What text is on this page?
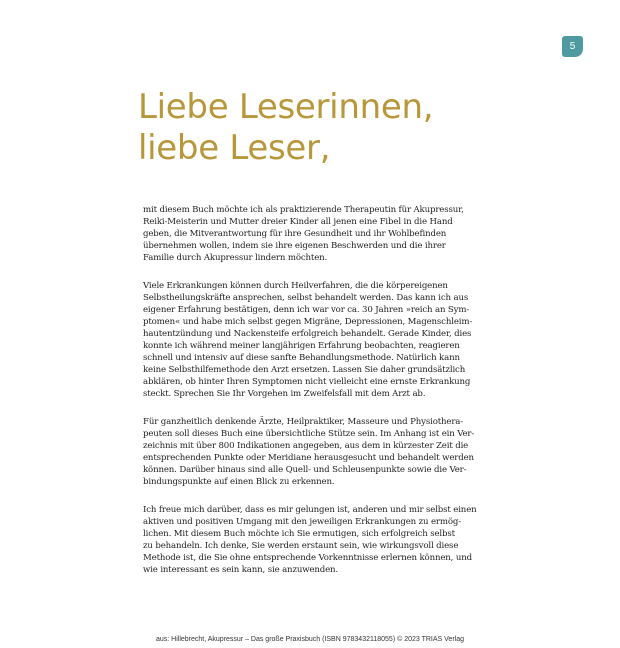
5
Liebe Leserinnen,
liebe Leser,

mit diesem Buch möchte ich als praktizierende Therapeutin für Akupressur,
Reiki-Meisterin und Mutter dreier Kinder all jenen eine Fibel in die Hand
geben, die Mitverantwortung für ihre Gesundheit und ihr Wohlbefinden
übernehmen wollen, indem sie ihre eigenen Beschwerden und die ihrer
Familie durch Akupressur lindern möchten.

Viele Erkrankungen können durch Heilverfahren, die die körpereigenen
Selbstheilungskräfte ansprechen, selbst behandelt werden. Das kann ich aus
eigener Erfahrung bestätigen, denn ich war vor ca. 30 Jahren »reich an Sym-
ptomen« und habe mich selbst gegen Migräne, Depressionen, Magenschleim-
hautentzündung und Nackensteife erfolgreich behandelt. Gerade Kinder, dies
konnte ich während meiner langjährigen Erfahrung beobachten, reagieren
schnell und intensiv auf diese sanfte Behandlungsmethode. Natürlich kann
keine Selbsthilfemethode den Arzt ersetzen. Lassen Sie daher grundsätzlich
abklären, ob hinter Ihren Symptomen nicht vielleicht eine ernste Erkrankung
steckt. Sprechen Sie Ihr Vorgehen im Zweifelsfall mit dem Arzt ab.

Für ganzheitlich denkende Ärzte, Heilpraktiker, Masseure und Physiothera-
peuten soll dieses Buch eine übersichtliche Stütze sein. Im Anhang ist ein Ver-
zeichnis mit über 800 Indikationen angegeben, aus dem in kürzester Zeit die
entsprechenden Punkte oder Meridiane herausgesucht und behandelt werden
können. Darüber hinaus sind alle Quell- und Schleusenpunkte sowie die Ver-
bindungspunkte auf einen Blick zu erkennen.

Ich freue mich darüber, dass es mir gelungen ist, anderen und mir selbst einen
aktiven und positiven Umgang mit den jeweiligen Erkrankungen zu ermög-
lichen. Mit diesem Buch möchte ich Sie ermutigen, sich erfolgreich selbst
zu behandeln. Ich denke, Sie werden erstaunt sein, wie wirkungsvoll diese
Methode ist, die Sie ohne entsprechende Vorkenntnisse erlernen können, und
wie interessant es sein kann, sie anzuwenden.

aus: Hillebrecht, Akupressur – Das große Praxisbuch (ISBN 9783432118055) © 2023 TRIAS Verlag
